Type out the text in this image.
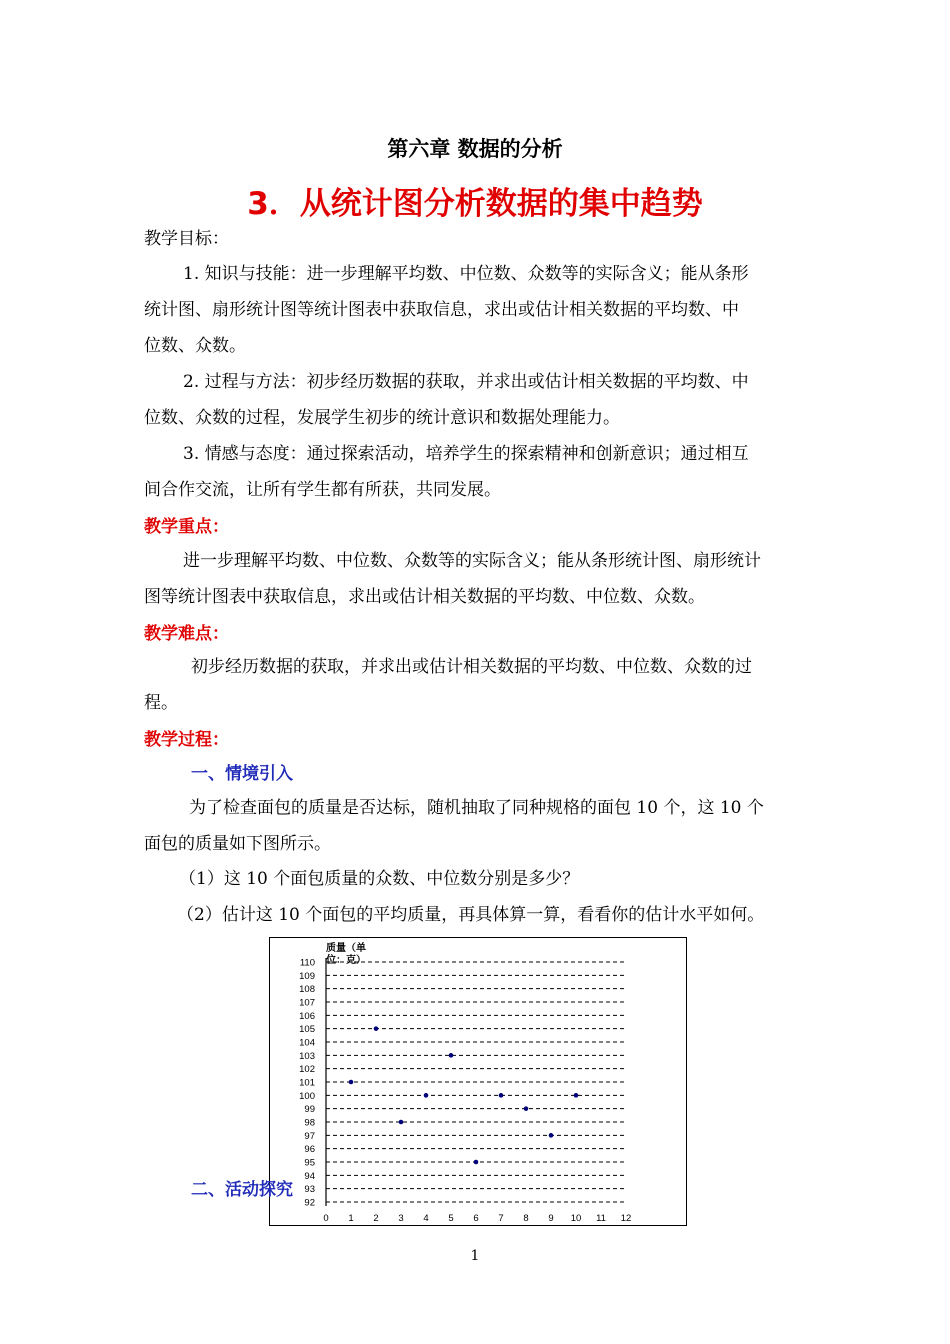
第六章 数据的分析
3．从统计图分析数据的集中趋势
教学目标：
1. 知识与技能：进一步理解平均数、中位数、众数等的实际含义；能从条形
统计图、扇形统计图等统计图表中获取信息，求出或估计相关数据的平均数、中
位数、众数。
2. 过程与方法：初步经历数据的获取，并求出或估计相关数据的平均数、中
位数、众数的过程，发展学生初步的统计意识和数据处理能力。
3. 情感与态度：通过探索活动，培养学生的探索精神和创新意识；通过相互
间合作交流，让所有学生都有所获，共同发展。
教学重点：
进一步理解平均数、中位数、众数等的实际含义；能从条形统计图、扇形统计
图等统计图表中获取信息，求出或估计相关数据的平均数、中位数、众数。
教学难点：
初步经历数据的获取，并求出或估计相关数据的平均数、中位数、众数的过
程。
教学过程：
一、情境引入
为了检查面包的质量是否达标，随机抽取了同种规格的面包 10 个，这 10 个
面包的质量如下图所示。
（1）这 10 个面包质量的众数、中位数分别是多少？
（2）估计这 10 个面包的平均质量，再具体算一算，看看你的估计水平如何。
质量（单
位：克）
110
109
108
107
106
105
104
103
102
101
100
99
98
97
96
95
94
93
92
0 1 2 3 4 5 6 7 8 9 10 11 12
二、活动探究
1
